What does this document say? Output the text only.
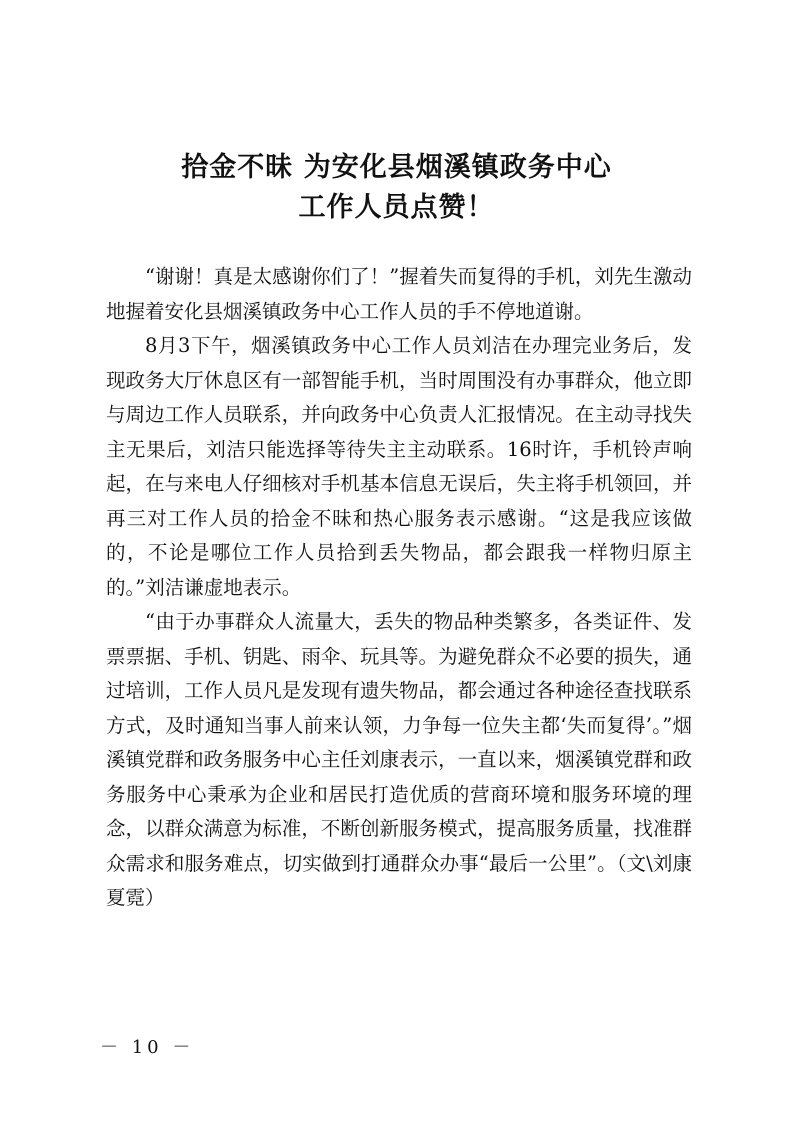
拾金不昧 为安化县烟溪镇政务中心
工作人员点赞！

“谢谢！真是太感谢你们了！”握着失而复得的手机，刘先生激动地握着安化县烟溪镇政务中心工作人员的手不停地道谢。

8月3下午，烟溪镇政务中心工作人员刘洁在办理完业务后，发现政务大厅休息区有一部智能手机，当时周围没有办事群众，他立即与周边工作人员联系，并向政务中心负责人汇报情况。在主动寻找失主无果后，刘洁只能选择等待失主主动联系。16时许，手机铃声响起，在与来电人仔细核对手机基本信息无误后，失主将手机领回，并再三对工作人员的拾金不昧和热心服务表示感谢。“这是我应该做的，不论是哪位工作人员拾到丢失物品，都会跟我一样物归原主的。”刘洁谦虚地表示。

“由于办事群众人流量大，丢失的物品种类繁多，各类证件、发票票据、手机、钥匙、雨伞、玩具等。为避免群众不必要的损失，通过培训，工作人员凡是发现有遗失物品，都会通过各种途径查找联系方式，及时通知当事人前来认领，力争每一位失主都‘失而复得’。”烟溪镇党群和政务服务中心主任刘康表示，一直以来，烟溪镇党群和政务服务中心秉承为企业和居民打造优质的营商环境和服务环境的理念，以群众满意为标准，不断创新服务模式，提高服务质量，找准群众需求和服务难点，切实做到打通群众办事“最后一公里”。（文\刘康 夏霓）

－ 10 －
